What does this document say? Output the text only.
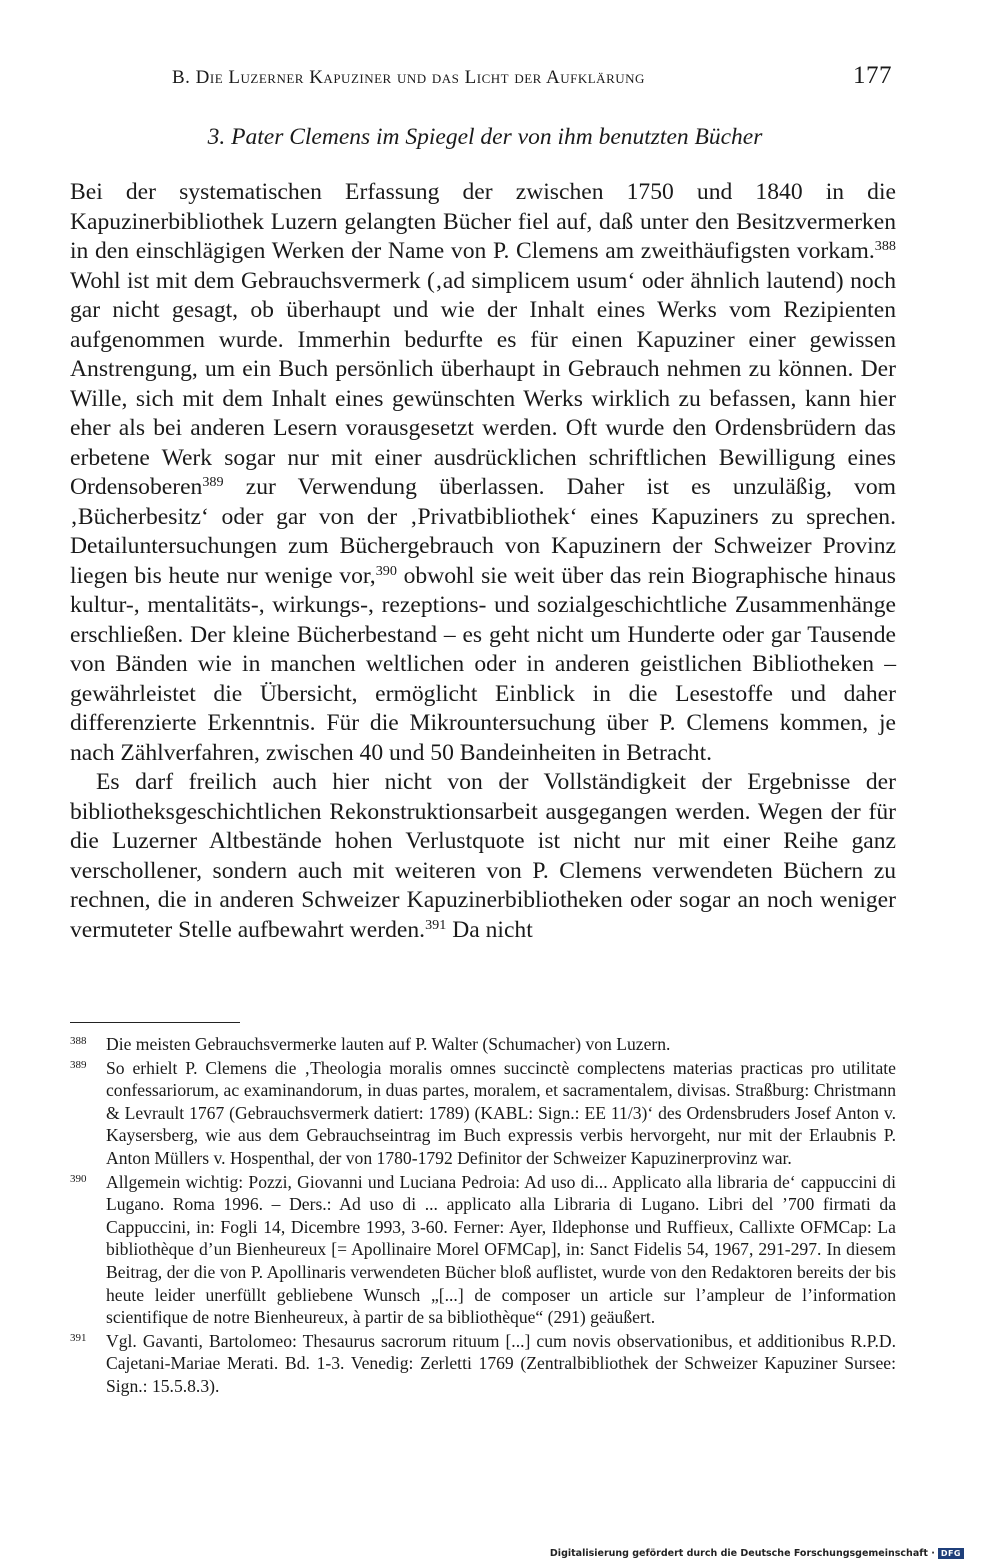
B. Die Luzerner Kapuziner und das Licht der Aufklärung	177
3. Pater Clemens im Spiegel der von ihm benutzten Bücher

Bei der systematischen Erfassung der zwischen 1750 und 1840 in die Kapuzinerbibliothek Luzern gelangten Bücher fiel auf, daß unter den Besitzvermerken in den einschlägigen Werken der Name von P. Clemens am zweithäufigsten vorkam.$^{388}$ Wohl ist mit dem Gebrauchsvermerk (‚ad simplicem usum‘ oder ähnlich lautend) noch gar nicht gesagt, ob überhaupt und wie der Inhalt eines Werks vom Rezipienten aufgenommen wurde. Immerhin bedurfte es für einen Kapuziner einer gewissen Anstrengung, um ein Buch persönlich überhaupt in Gebrauch nehmen zu können. Der Wille, sich mit dem Inhalt eines gewünschten Werks wirklich zu befassen, kann hier eher als bei anderen Lesern vorausgesetzt werden. Oft wurde den Ordensbrüdern das erbetene Werk sogar nur mit einer ausdrücklichen schriftlichen Bewilligung eines Ordensoberen$^{389}$ zur Verwendung überlassen. Daher ist es unzuläßig, vom ‚Bücherbesitz‘ oder gar von der ‚Privatbibliothek‘ eines Kapuziners zu sprechen. Detailuntersuchungen zum Büchergebrauch von Kapuzinern der Schweizer Provinz liegen bis heute nur wenige vor,$^{390}$ obwohl sie weit über das rein Biographische hinaus kultur-, mentalitäts-, wirkungs-, rezeptions- und sozialgeschichtliche Zusammenhänge erschließen. Der kleine Bücherbestand – es geht nicht um Hunderte oder gar Tausende von Bänden wie in manchen weltlichen oder in anderen geistlichen Bibliotheken – gewährleistet die Übersicht, ermöglicht Einblick in die Lesestoffe und daher differenzierte Erkenntnis. Für die Mikrountersuchung über P. Clemens kommen, je nach Zählverfahren, zwischen 40 und 50 Bandeinheiten in Betracht.

Es darf freilich auch hier nicht von der Vollständigkeit der Ergebnisse der bibliotheksgeschichtlichen Rekonstruktionsarbeit ausgegangen werden. Wegen der für die Luzerner Altbestände hohen Verlustquote ist nicht nur mit einer Reihe ganz verschollener, sondern auch mit weiteren von P. Clemens verwendeten Büchern zu rechnen, die in anderen Schweizer Kapuzinerbibliotheken oder sogar an noch weniger vermuteter Stelle aufbewahrt werden.$^{391}$ Da nicht

388 Die meisten Gebrauchsvermerke lauten auf P. Walter (Schumacher) von Luzern.
389 So erhielt P. Clemens die ‚Theologia moralis omnes succinctè complectens materias practicas pro utilitate confessariorum, ac examinandorum, in duas partes, moralem, et sacramentalem, divisas. Straßburg: Christmann & Levrault 1767 (Gebrauchsvermerk datiert: 1789) (KABL: Sign.: EE 11/3)‘ des Ordensbruders Josef Anton v. Kaysersberg, wie aus dem Gebrauchseintrag im Buch expressis verbis hervorgeht, nur mit der Erlaubnis P. Anton Müllers v. Hospenthal, der von 1780-1792 Definitor der Schweizer Kapuzinerprovinz war.
390 Allgemein wichtig: Pozzi, Giovanni und Luciana Pedroia: Ad uso di... Applicato alla libraria de‘ cappuccini di Lugano. Roma 1996. – Ders.: Ad uso di ... applicato alla Libraria di Lugano. Libri del ’700 firmati da Cappuccini, in: Fogli 14, Dicembre 1993, 3-60. Ferner: Ayer, Ildephonse und Ruffieux, Callixte OFMCap: La bibliothèque d’un Bienheureux [= Apollinaire Morel OFMCap], in: Sanct Fidelis 54, 1967, 291-297. In diesem Beitrag, der die von P. Apollinaris verwendeten Bücher bloß auflistet, wurde von den Redaktoren bereits der bis heute leider unerfüllt gebliebene Wunsch „[...] de composer un article sur l’ampleur de l’information scientifique de notre Bienheureux, à partir de sa bibliothèque“ (291) geäußert.
391 Vgl. Gavanti, Bartolomeo: Thesaurus sacrorum rituum [...] cum novis observationibus, et additionibus R.P.D. Cajetani-Mariae Merati. Bd. 1-3. Venedig: Zerletti 1769 (Zentralbibliothek der Schweizer Kapuziner Sursee: Sign.: 15.5.8.3).
Digitalisierung gefördert durch die Deutsche Forschungsgemeinschaft · DFG
